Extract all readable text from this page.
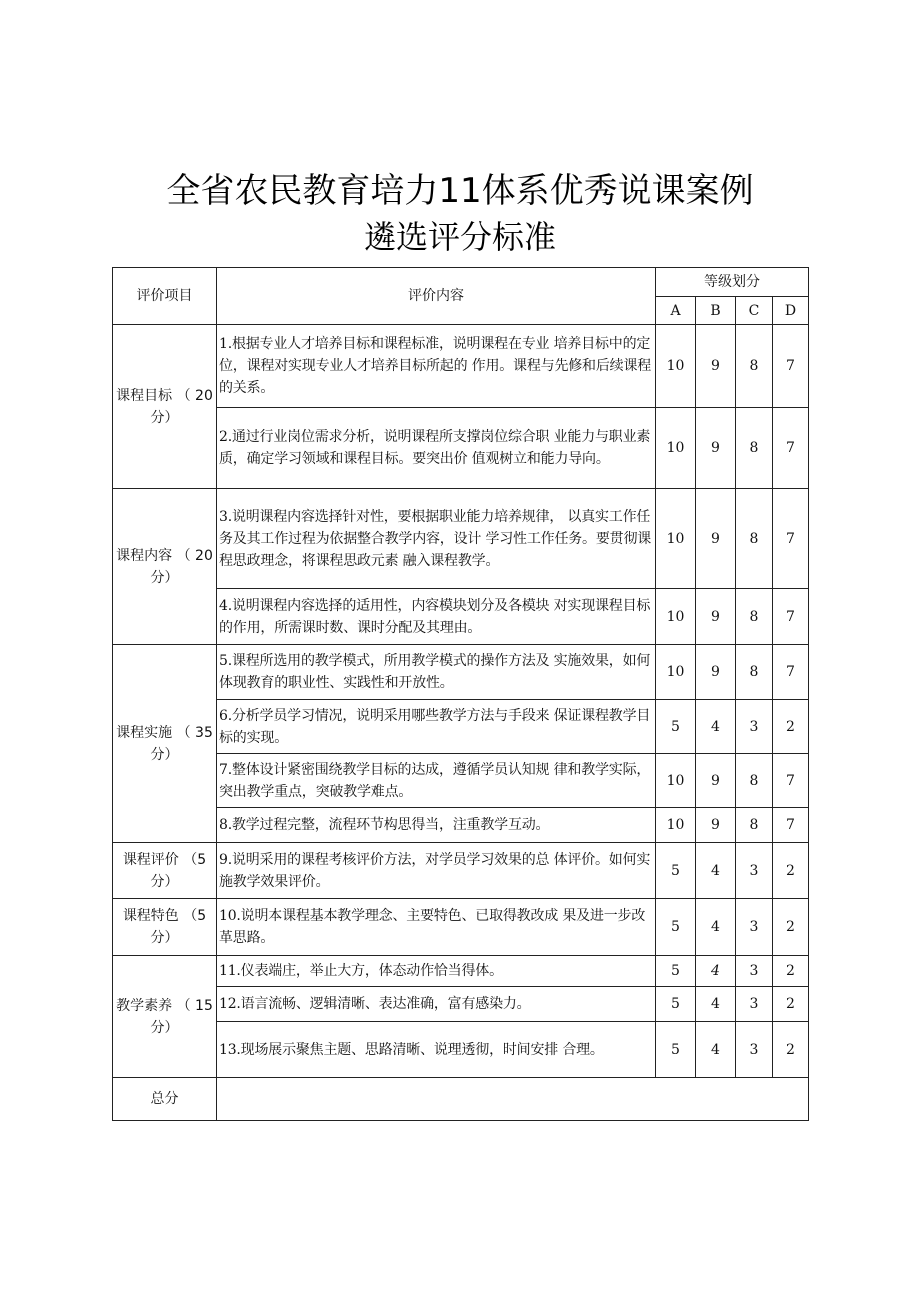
全省农民教育培力11体系优秀说课案例
遴选评分标准
评价项目	评价内容	等级划分			
		A	B	C	D
课程目标 （ 20 分）	1.根据专业人才培养目标和课程标准，说明课程在专业 培养目标中的定位，课程对实现专业人才培养目标所起的 作用。课程与先修和后续课程的关系。	10	9	8	7
	2.通过行业岗位需求分析，说明课程所支撑岗位综合职 业能力与职业素质，确定学习领域和课程目标。要突出价 值观树立和能力导向。	10	9	8	7
课程内容 （ 20 分）	3.说明课程内容选择针对性，要根据职业能力培养规律， 以真实工作任务及其工作过程为依据整合教学内容，设计 学习性工作任务。要贯彻课程思政理念，将课程思政元素 融入课程教学。	10	9	8	7
	4.说明课程内容选择的适用性，内容模块划分及各模块 对实现课程目标的作用，所需课时数、课时分配及其理由。	10	9	8	7
课程实施 （ 35 分）	5.课程所选用的教学模式，所用教学模式的操作方法及 实施效果，如何体现教育的职业性、实践性和开放性。	10	9	8	7
	6.分析学员学习情况，说明采用哪些教学方法与手段来 保证课程教学目标的实现。	5	4	3	2
	7.整体设计紧密围绕教学目标的达成，遵循学员认知规 律和教学实际，突出教学重点，突破教学难点。	10	9	8	7
	8.教学过程完整，流程环节构思得当，注重教学互动。	10	9	8	7
课程评价 （5 分）	9.说明采用的课程考核评价方法，对学员学习效果的总 体评价。如何实施教学效果评价。	5	4	3	2
课程特色 （5 分）	10.说明本课程基本教学理念、主要特色、已取得教改成 果及进一步改革思路。	5	4	3	2
教学素养 （ 15 分）	11.仪表端庄，举止大方，体态动作恰当得体。	5	4	3	2
	12.语言流畅、逻辑清晰、表达准确，富有感染力。	5	4	3	2
	13.现场展示聚焦主题、思路清晰、说理透彻，时间安排 合理。	5	4	3	2
总分					
